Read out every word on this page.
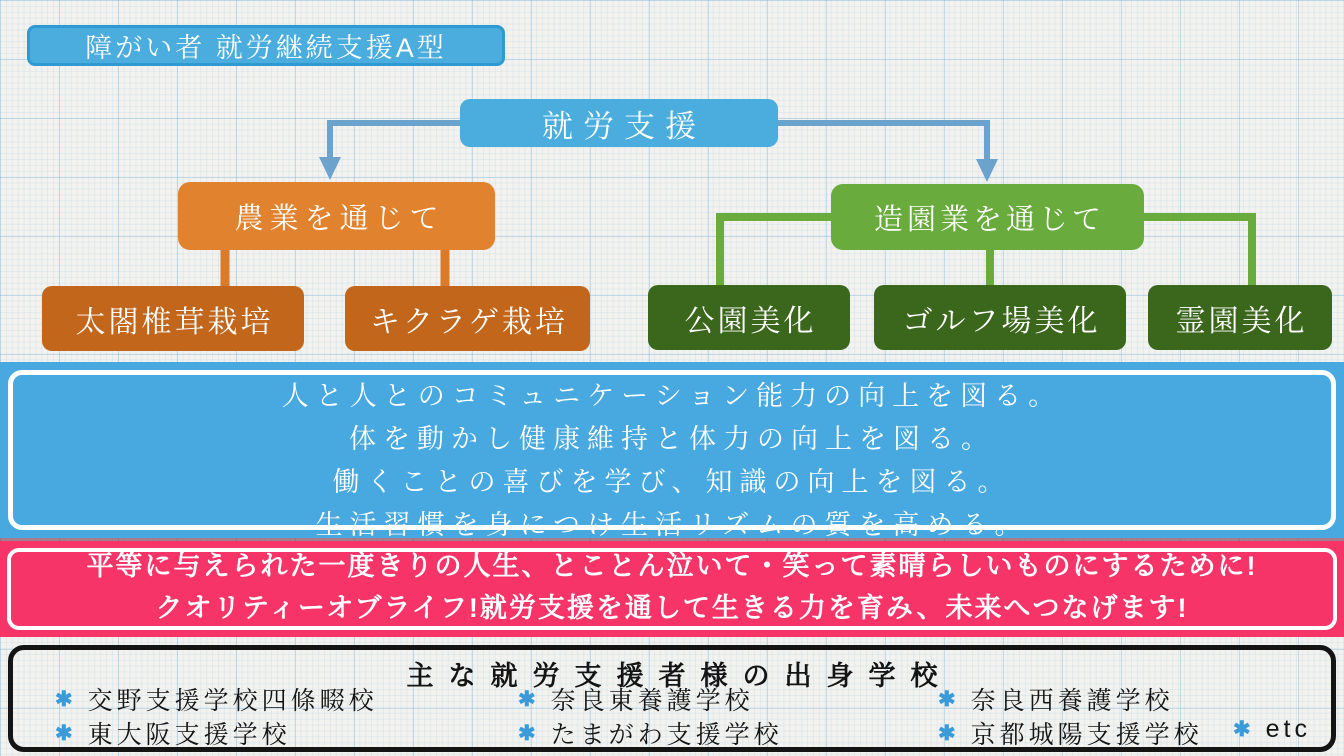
障がい者 就労継続支援A型
就労支援
農業を通じて	造園業を通じて
太閤椎茸栽培	キクラゲ栽培	公園美化	ゴルフ場美化	霊園美化
人と人とのコミュニケーション能力の向上を図る。
体を動かし健康維持と体力の向上を図る。
働くことの喜びを学び、知識の向上を図る。
生活習慣を身につけ生活リズムの質を高める。
平等に与えられた一度きりの人生、とことん泣いて・笑って素晴らしいものにするために!
クオリティーオブライフ!就労支援を通して生きる力を育み、未来へつなげます!
主な就労支援者様の出身学校
✱ 交野支援学校四條畷校
✱ 東大阪支援学校
✱ 奈良東養護学校
✱ たまがわ支援学校
✱ 奈良西養護学校
✱ 京都城陽支援学校 ✱ etc
